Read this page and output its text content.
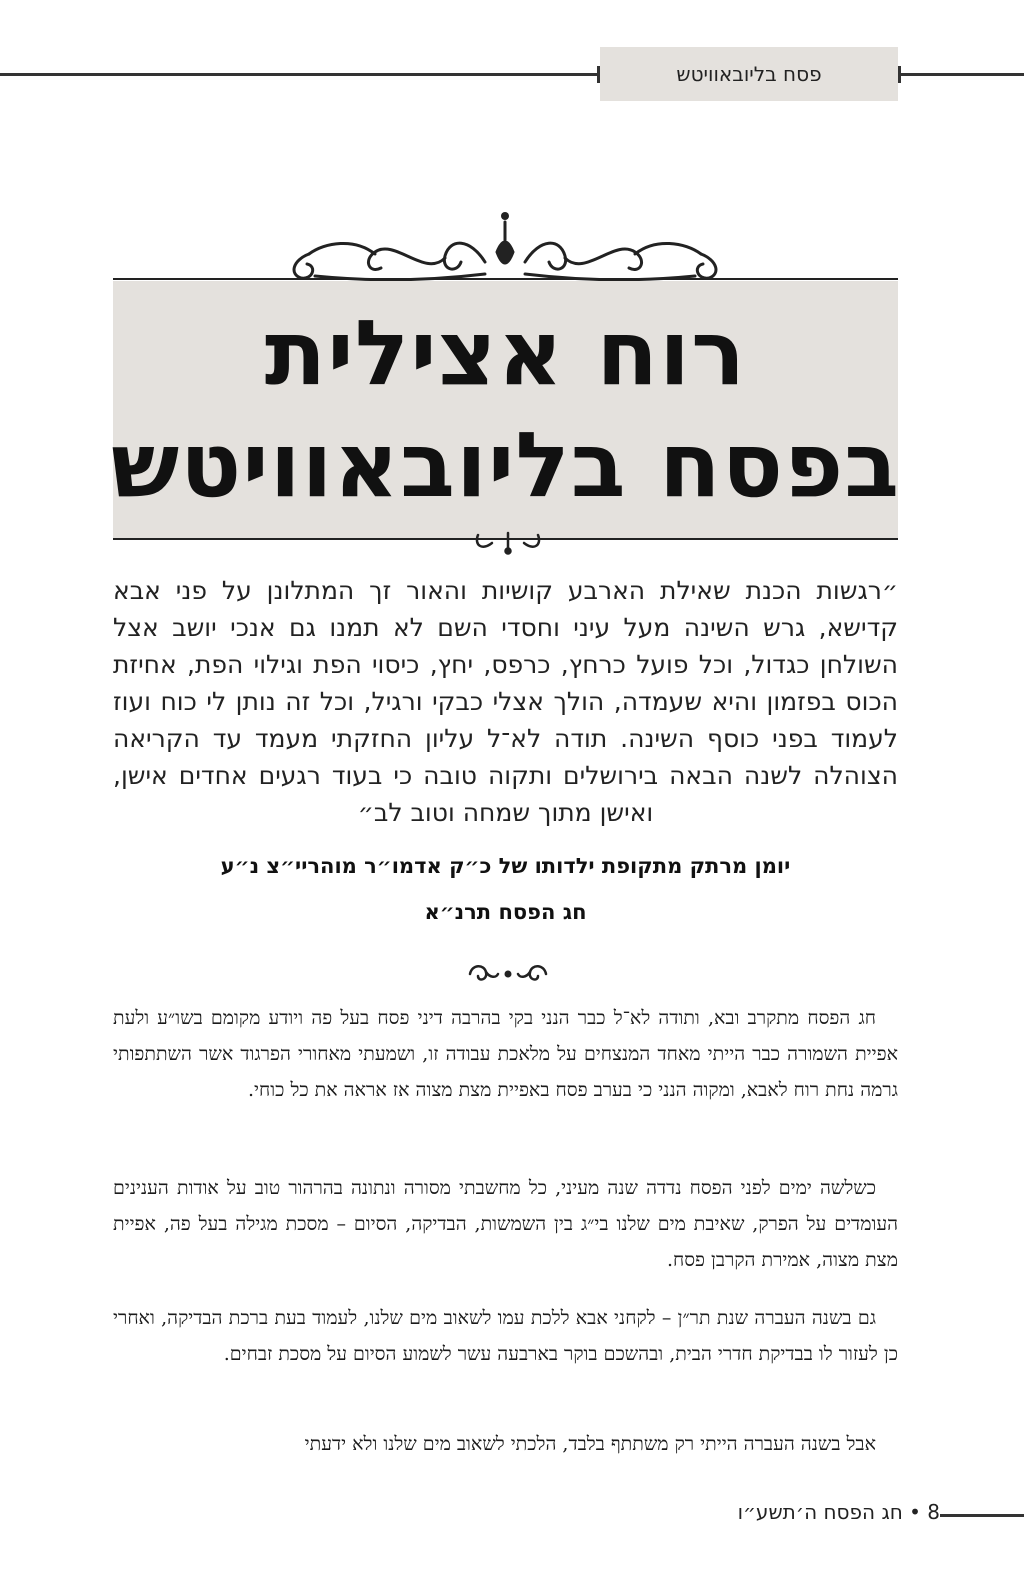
פסח בליובאוויטש
רוח אצילית
בפסח בליובאוויטש
״רגשות הכנת שאילת הארבע קושיות והאור זך המתלונן על פני אבא קדישא, גרש השינה מעל עיני וחסדי השם לא תמנו גם אנכי יושב אצל השולחן כגדול, וכל פועל כרחץ, כרפס, יחץ, כיסוי הפת וגילוי הפת, אחיזת הכוס בפזמון והיא שעמדה, הולך אצלי כבקי ורגיל, וכל זה נותן לי כוח ועוז לעמוד בפני כוסף השינה. תודה לא־ל עליון החזקתי מעמד עד הקריאה הצוהלה לשנה הבאה בירושלים ותקוה טובה כי בעוד רגעים אחדים אישן, ואישן מתוך שמחה וטוב לב״
יומן מרתק מתקופת ילדותו של כ״ק אדמו״ר מוהריי״צ נ״ע
חג הפסח תרנ״א

חג הפסח מתקרב ובא, ותודה לא־ל כבר הנני בקי בהרבה דיני פסח בעל פה ויודע מקומם בשו״ע ולעת אפיית השמורה כבר הייתי מאחד המנצחים על מלאכת עבודה זו, ושמעתי מאחורי הפרגוד אשר השתתפותי גרמה נחת רוח לאבא, ומקוה הנני כי בערב פסח באפיית מצת מצוה אז אראה את כל כוחי.

כשלשה ימים לפני הפסח נדדה שנה מעיני, כל מחשבתי מסורה ונתונה בהרהור טוב על אודות הענינים העומדים על הפרק, שאיבת מים שלנו בי״ג בין השמשות, הבדיקה, הסיום – מסכת מגילה בעל פה, אפיית מצת מצוה, אמירת הקרבן פסח.

גם בשנה העברה שנת תר״ן – לקחני אבא ללכת עמו לשאוב מים שלנו, לעמוד בעת ברכת הבדיקה, ואחרי כן לעזור לו בבדיקת חדרי הבית, ובהשכם בוקר בארבעה עשר לשמוע הסיום על מסכת זבחים.

אבל בשנה העברה הייתי רק משתתף בלבד, הלכתי לשאוב מים שלנו ולא ידעתי

8 • חג הפסח ה׳תשע״ו
